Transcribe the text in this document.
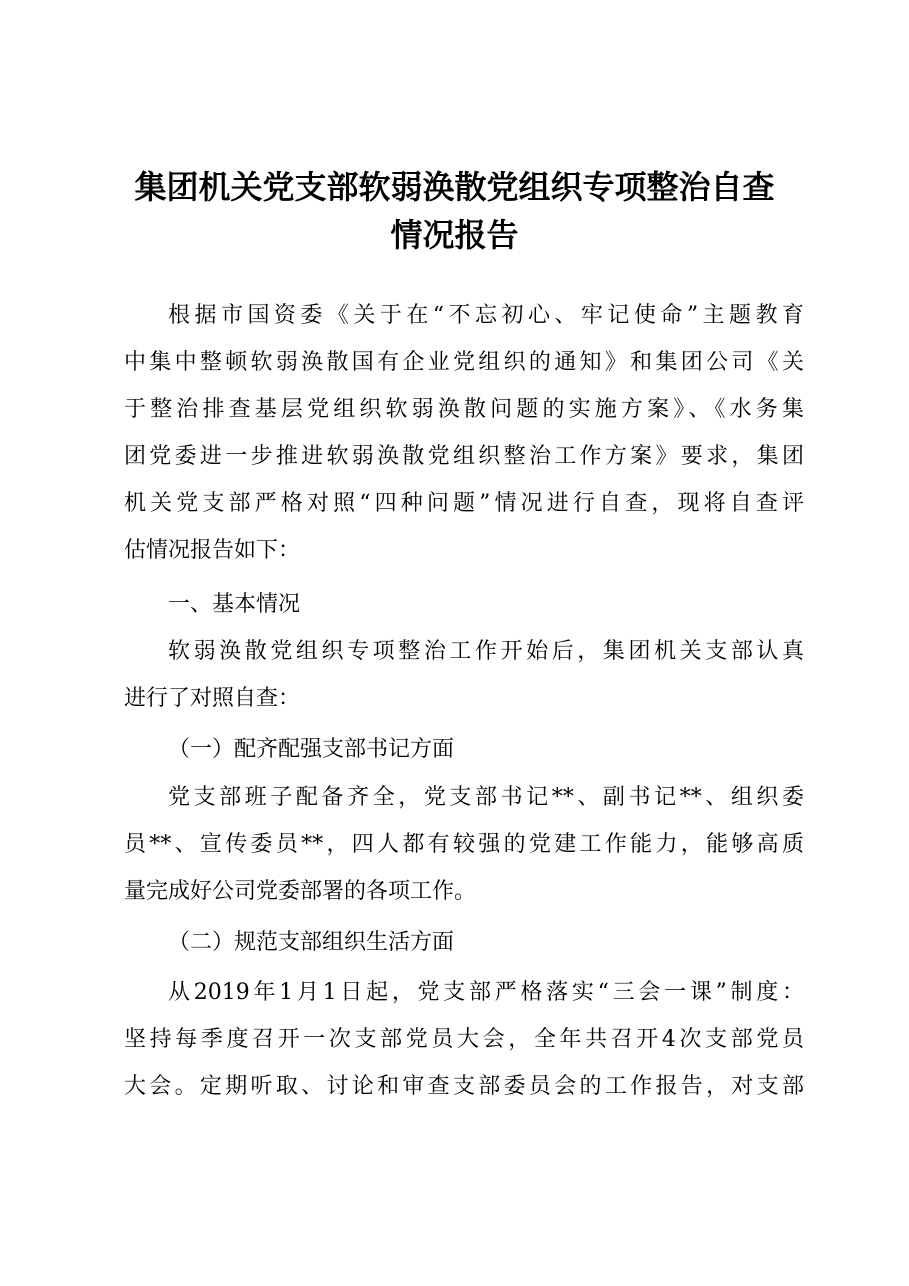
集团机关党支部软弱涣散党组织专项整治自查
情况报告

根据市国资委《关于在“不忘初心、牢记使命”主题教育

中集中整顿软弱涣散国有企业党组织的通知》和集团公司《关

于整治排查基层党组织软弱涣散问题的实施方案》、《水务集

团党委进一步推进软弱涣散党组织整治工作方案》要求，集团

机关党支部严格对照“四种问题”情况进行自查，现将自查评

估情况报告如下：

一、基本情况

软弱涣散党组织专项整治工作开始后，集团机关支部认真

进行了对照自查：

（一）配齐配强支部书记方面

党支部班子配备齐全，党支部书记**、副书记**、组织委

员**、宣传委员**，四人都有较强的党建工作能力，能够高质

量完成好公司党委部署的各项工作。

（二）规范支部组织生活方面

从2019年1月1日起，党支部严格落实“三会一课”制度：

坚持每季度召开一次支部党员大会，全年共召开4次支部党员

大会。定期听取、讨论和审查支部委员会的工作报告，对支部
